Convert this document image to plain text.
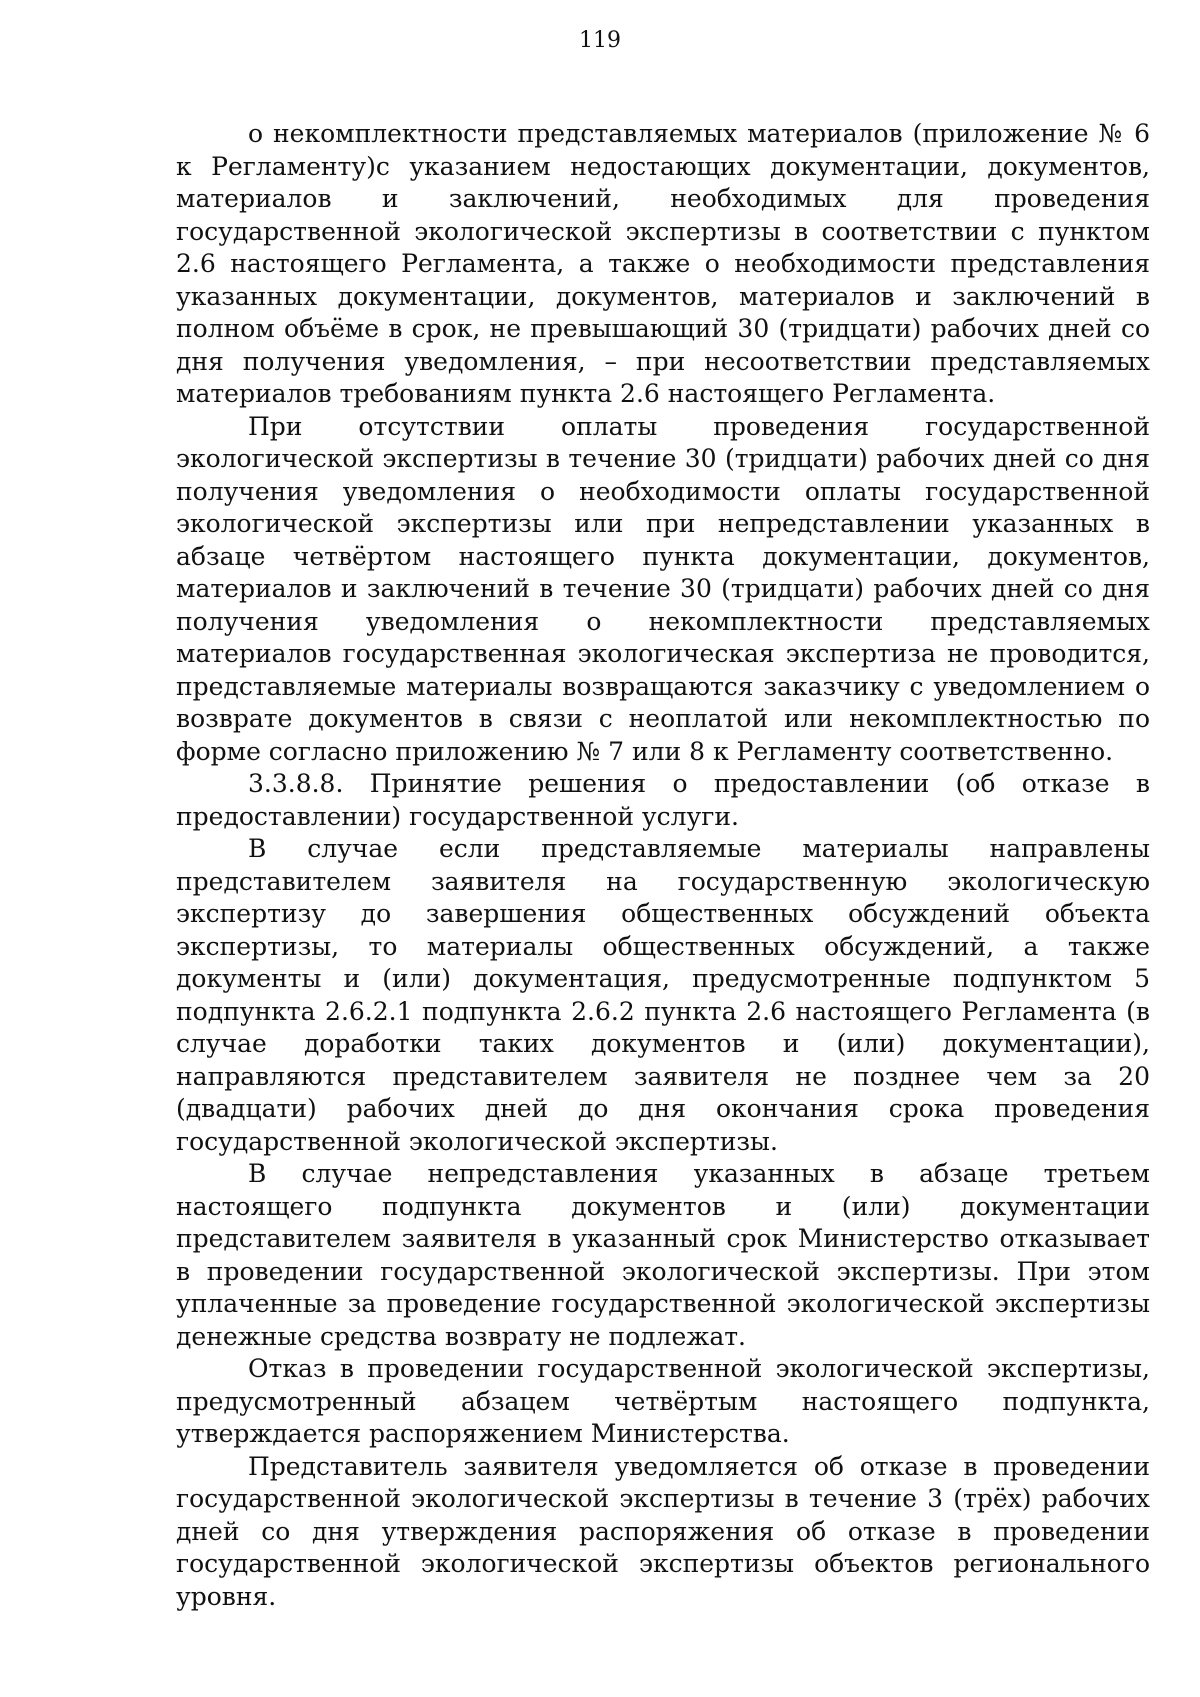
119

о некомплектности представляемых материалов (приложение № 6 к Регламенту)с указанием недостающих документации, документов, материалов и заключений, необходимых для проведения государственной экологической экспертизы в соответствии с пунктом 2.6 настоящего Регламента, а также о необходимости представления указанных документации, документов, материалов и заключений в полном объёме в срок, не превышающий 30 (тридцати) рабочих дней со дня получения уведомления, – при несоответствии представляемых материалов требованиям пункта 2.6 настоящего Регламента.

При отсутствии оплаты проведения государственной экологической экспертизы в течение 30 (тридцати) рабочих дней со дня получения уведомления о необходимости оплаты государственной экологической экспертизы или при непредставлении указанных в абзаце четвёртом настоящего пункта документации, документов, материалов и заключений в течение 30 (тридцати) рабочих дней со дня получения уведомления о некомплектности представляемых материалов государственная экологическая экспертиза не проводится, представляемые материалы возвращаются заказчику с уведомлением о возврате документов в связи с неоплатой или некомплектностью по форме согласно приложению № 7 или 8 к Регламенту соответственно.

3.3.8.8. Принятие решения о предоставлении (об отказе в предоставлении) государственной услуги.

В случае если представляемые материалы направлены представителем заявителя на государственную экологическую экспертизу до завершения общественных обсуждений объекта экспертизы, то материалы общественных обсуждений, а также документы и (или) документация, предусмотренные подпунктом 5 подпункта 2.6.2.1 подпункта 2.6.2 пункта 2.6 настоящего Регламента (в случае доработки таких документов и (или) документации), направляются представителем заявителя не позднее чем за 20 (двадцати) рабочих дней до дня окончания срока проведения государственной экологической экспертизы.

В случае непредставления указанных в абзаце третьем настоящего подпункта документов и (или) документации представителем заявителя в указанный срок Министерство отказывает в проведении государственной экологической экспертизы. При этом уплаченные за проведение государственной экологической экспертизы денежные средства возврату не подлежат.

Отказ в проведении государственной экологической экспертизы, предусмотренный абзацем четвёртым настоящего подпункта, утверждается распоряжением Министерства.

Представитель заявителя уведомляется об отказе в проведении государственной экологической экспертизы в течение 3 (трёх) рабочих дней со дня утверждения распоряжения об отказе в проведении государственной экологической экспертизы объектов регионального уровня.
